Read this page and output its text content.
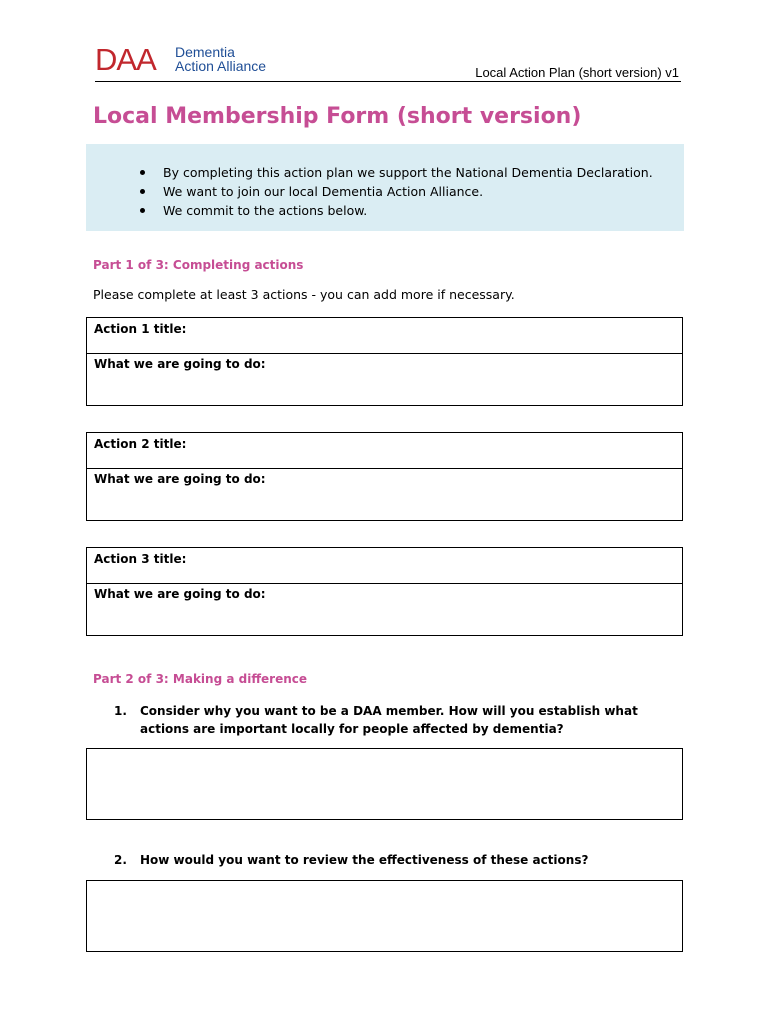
DAA Dementia
Action Alliance	Local Action Plan (short version) v1
Local Membership Form (short version)
By completing this action plan we support the National Dementia Declaration.
We want to join our local Dementia Action Alliance.
We commit to the actions below.
Part 1 of 3: Completing actions
Please complete at least 3 actions - you can add more if necessary.
Action 1 title:
What we are going to do:
Action 2 title:
What we are going to do:
Action 3 title:
What we are going to do:
Part 2 of 3: Making a difference
1. Consider why you want to be a DAA member. How will you establish what actions are important locally for people affected by dementia?
2. How would you want to review the effectiveness of these actions?
